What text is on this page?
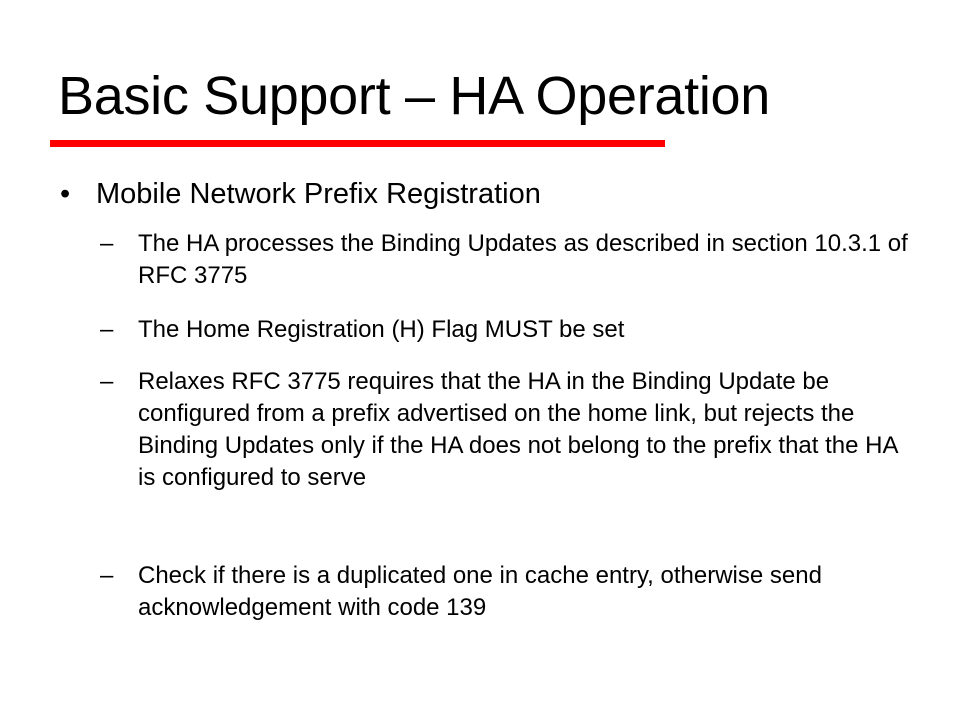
Basic Support – HA Operation
• Mobile Network Prefix Registration
– The HA processes the Binding Updates as described in section 10.3.1 of RFC 3775
– The Home Registration (H) Flag MUST be set
– Relaxes RFC 3775 requires that the HA in the Binding Update be configured from a prefix advertised on the home link, but rejects the Binding Updates only if the HA does not belong to the prefix that the HA is configured to serve
– Check if there is a duplicated one in cache entry, otherwise send acknowledgement with code 139
